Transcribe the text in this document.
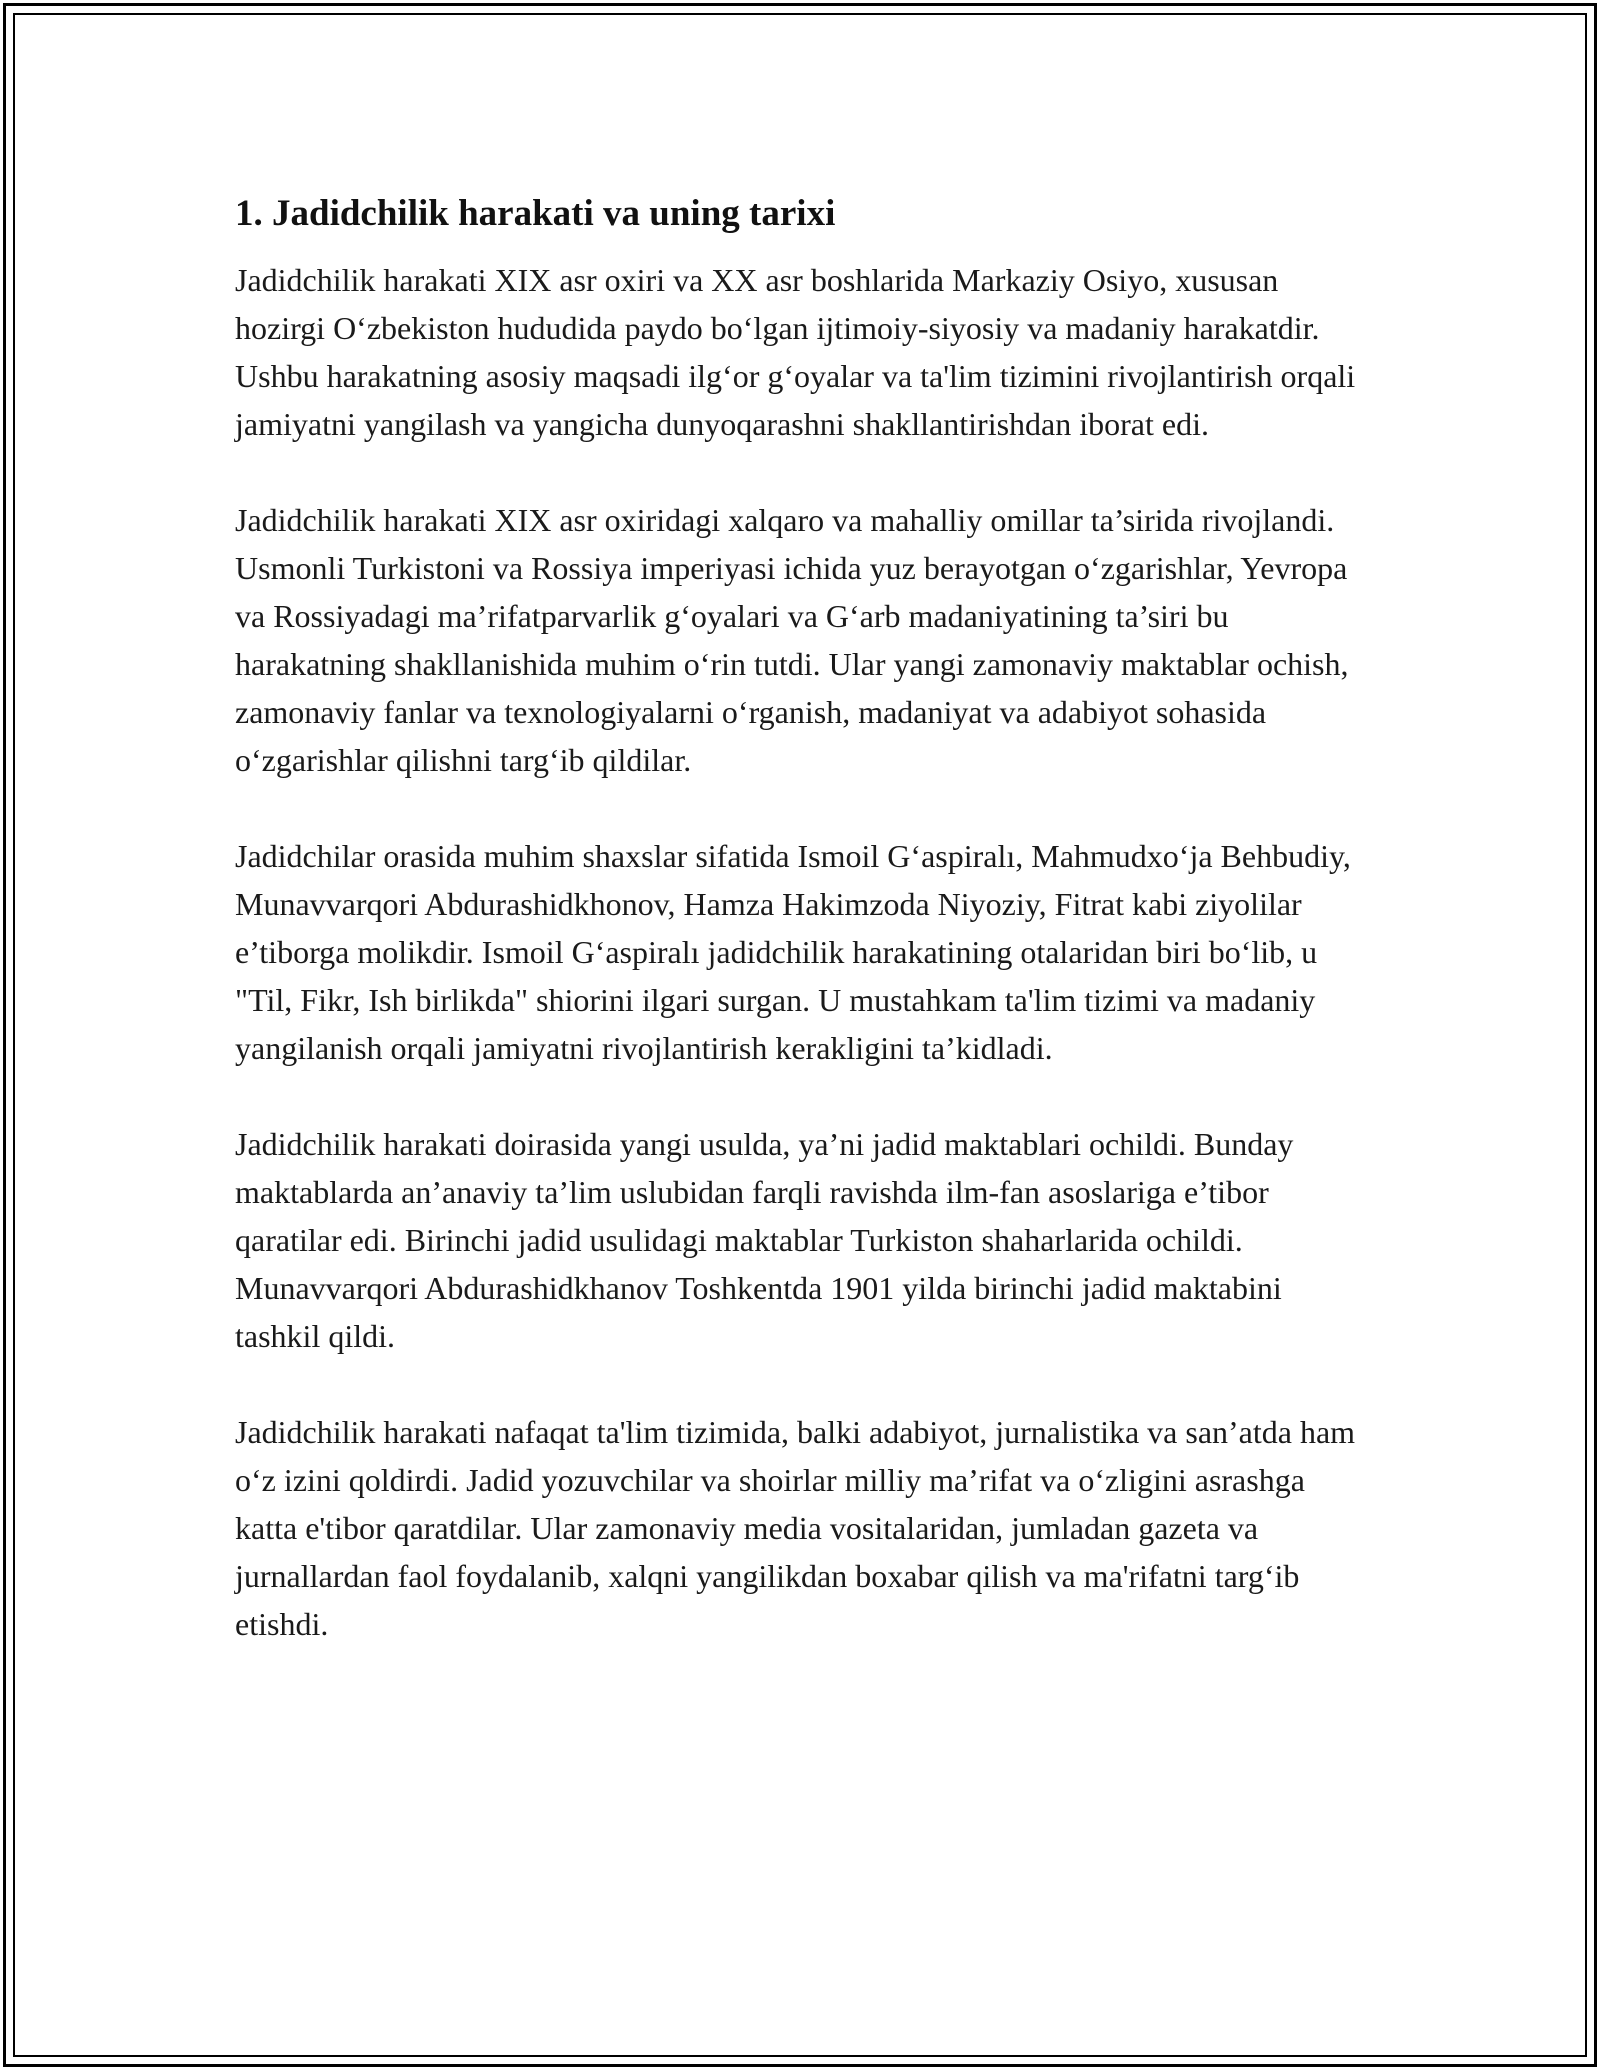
1. Jadidchilik harakati va uning tarixi

Jadidchilik harakati XIX asr oxiri va XX asr boshlarida Markaziy Osiyo, xususan hozirgi O‘zbekiston hududida paydo bo‘lgan ijtimoiy-siyosiy va madaniy harakatdir. Ushbu harakatning asosiy maqsadi ilg‘or g‘oyalar va ta'lim tizimini rivojlantirish orqali jamiyatni yangilash va yangicha dunyoqarashni shakllantirishdan iborat edi.

Jadidchilik harakati XIX asr oxiridagi xalqaro va mahalliy omillar ta’sirida rivojlandi. Usmonli Turkistoni va Rossiya imperiyasi ichida yuz berayotgan o‘zgarishlar, Yevropa va Rossiyadagi ma’rifatparvarlik g‘oyalari va G‘arb madaniyatining ta’siri bu harakatning shakllanishida muhim o‘rin tutdi. Ular yangi zamonaviy maktablar ochish, zamonaviy fanlar va texnologiyalarni o‘rganish, madaniyat va adabiyot sohasida o‘zgarishlar qilishni targ‘ib qildilar.

Jadidchilar orasida muhim shaxslar sifatida Ismoil G‘aspiralı, Mahmudxo‘ja Behbudiy, Munavvarqori Abdurashidkhonov, Hamza Hakimzoda Niyoziy, Fitrat kabi ziyolilar e’tiborga molikdir. Ismoil G‘aspiralı jadidchilik harakatining otalaridan biri bo‘lib, u "Til, Fikr, Ish birlikda" shiorini ilgari surgan. U mustahkam ta'lim tizimi va madaniy yangilanish orqali jamiyatni rivojlantirish kerakligini ta’kidladi.

Jadidchilik harakati doirasida yangi usulda, ya’ni jadid maktablari ochildi. Bunday maktablarda an’anaviy ta’lim uslubidan farqli ravishda ilm-fan asoslariga e’tibor qaratilar edi. Birinchi jadid usulidagi maktablar Turkiston shaharlarida ochildi. Munavvarqori Abdurashidkhanov Toshkentda 1901 yilda birinchi jadid maktabini tashkil qildi.

Jadidchilik harakati nafaqat ta'lim tizimida, balki adabiyot, jurnalistika va san’atda ham o‘z izini qoldirdi. Jadid yozuvchilar va shoirlar milliy ma’rifat va o‘zligini asrashga katta e'tibor qaratdilar. Ular zamonaviy media vositalaridan, jumladan gazeta va jurnallardan faol foydalanib, xalqni yangilikdan boxabar qilish va ma'rifatni targ‘ib etishdi.
